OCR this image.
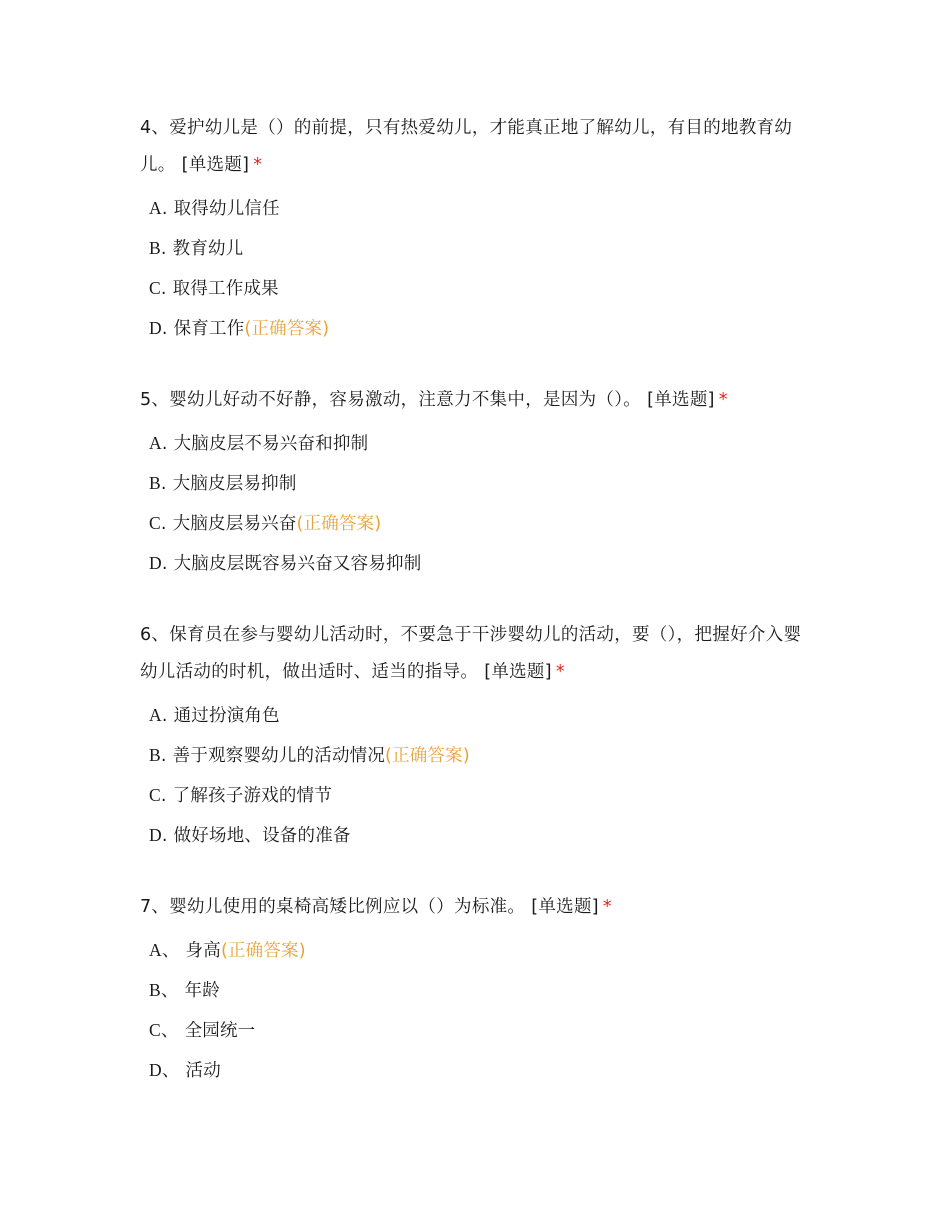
4、爱护幼儿是（）的前提，只有热爱幼儿，才能真正地了解幼儿，有目的地教育幼儿。 [单选题] *

A. 取得幼儿信任
B. 教育幼儿
C. 取得工作成果
D. 保育工作(正确答案)

5、婴幼儿好动不好静，容易激动，注意力不集中，是因为（）。 [单选题] *

A. 大脑皮层不易兴奋和抑制
B. 大脑皮层易抑制
C. 大脑皮层易兴奋(正确答案)
D. 大脑皮层既容易兴奋又容易抑制

6、保育员在参与婴幼儿活动时，不要急于干涉婴幼儿的活动，要（），把握好介入婴幼儿活动的时机，做出适时、适当的指导。 [单选题] *

A. 通过扮演角色
B. 善于观察婴幼儿的活动情况(正确答案)
C. 了解孩子游戏的情节
D. 做好场地、设备的准备

7、婴幼儿使用的桌椅高矮比例应以（）为标准。 [单选题] *

A、 身高(正确答案)
B、 年龄
C、 全园统一
D、 活动
